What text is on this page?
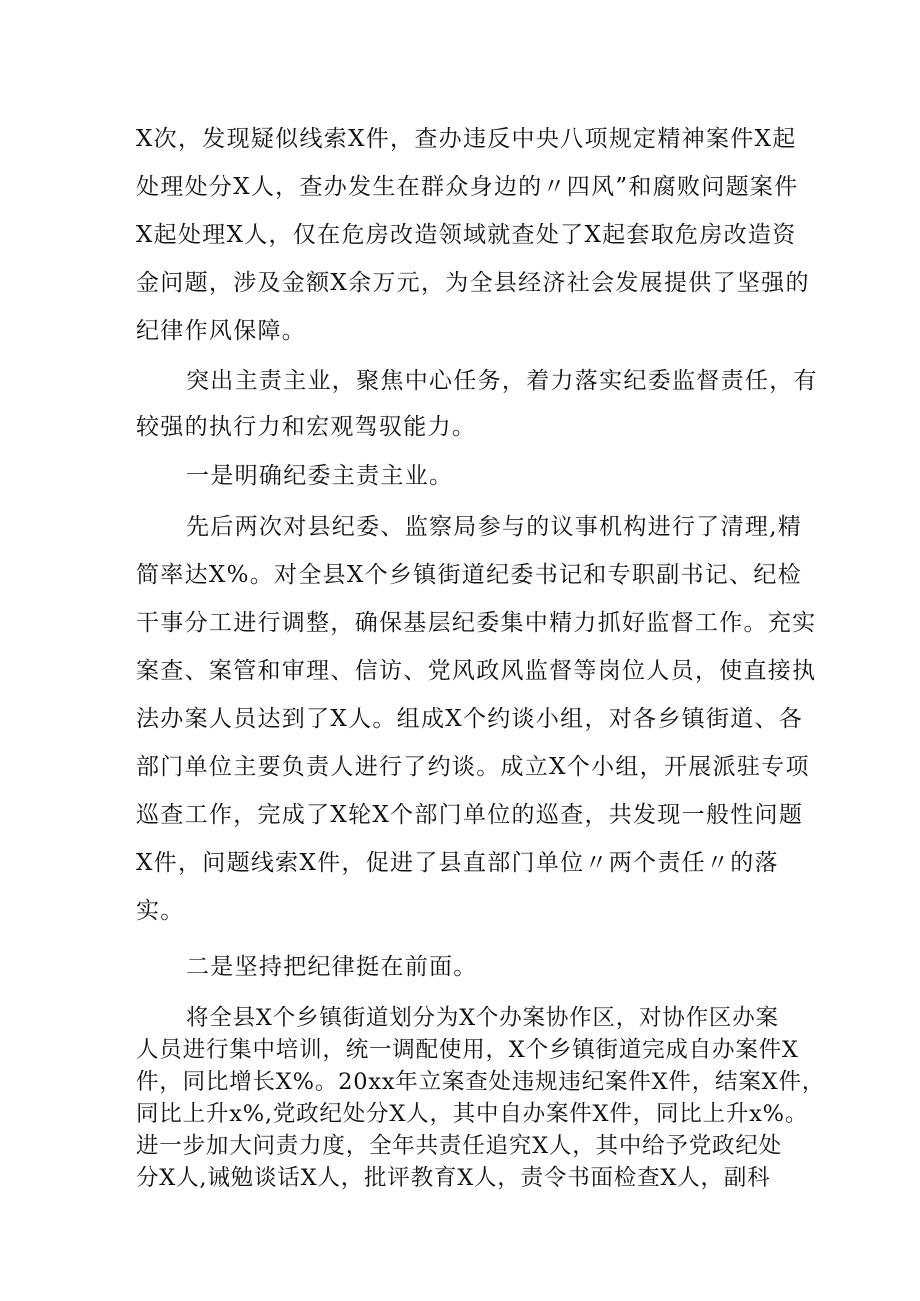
X次，发现疑似线索X件，查办违反中央八项规定精神案件X起

处理处分X人，查办发生在群众身边的〃四风”和腐败问题案件

X起处理X人，仅在危房改造领域就查处了X起套取危房改造资

金问题，涉及金额X余万元，为全县经济社会发展提供了坚强的

纪律作风保障。

突出主责主业，聚焦中心任务，着力落实纪委监督责任，有

较强的执行力和宏观驾驭能力。

一是明确纪委主责主业。

先后两次对县纪委、监察局参与的议事机构进行了清理,精

简率达X%。对全县X个乡镇街道纪委书记和专职副书记、纪检

干事分工进行调整，确保基层纪委集中精力抓好监督工作。充实

案查、案管和审理、信访、党风政风监督等岗位人员，使直接执

法办案人员达到了X人。组成X个约谈小组，对各乡镇街道、各

部门单位主要负责人进行了约谈。成立X个小组，开展派驻专项

巡查工作，完成了X轮X个部门单位的巡查，共发现一般性问题

X件，问题线索X件，促进了县直部门单位〃两个责任〃的落

实。

二是坚持把纪律挺在前面。

将全县X个乡镇街道划分为X个办案协作区，对协作区办案

人员进行集中培训，统一调配使用，X个乡镇街道完成自办案件X

件，同比增长X%。20xx年立案查处违规违纪案件X件，结案X件，

同比上升x%,党政纪处分X人，其中自办案件X件，同比上升x%。

进一步加大问责力度，全年共责任追究X人，其中给予党政纪处

分X人,诫勉谈话X人，批评教育X人，责令书面检查X人，副科
